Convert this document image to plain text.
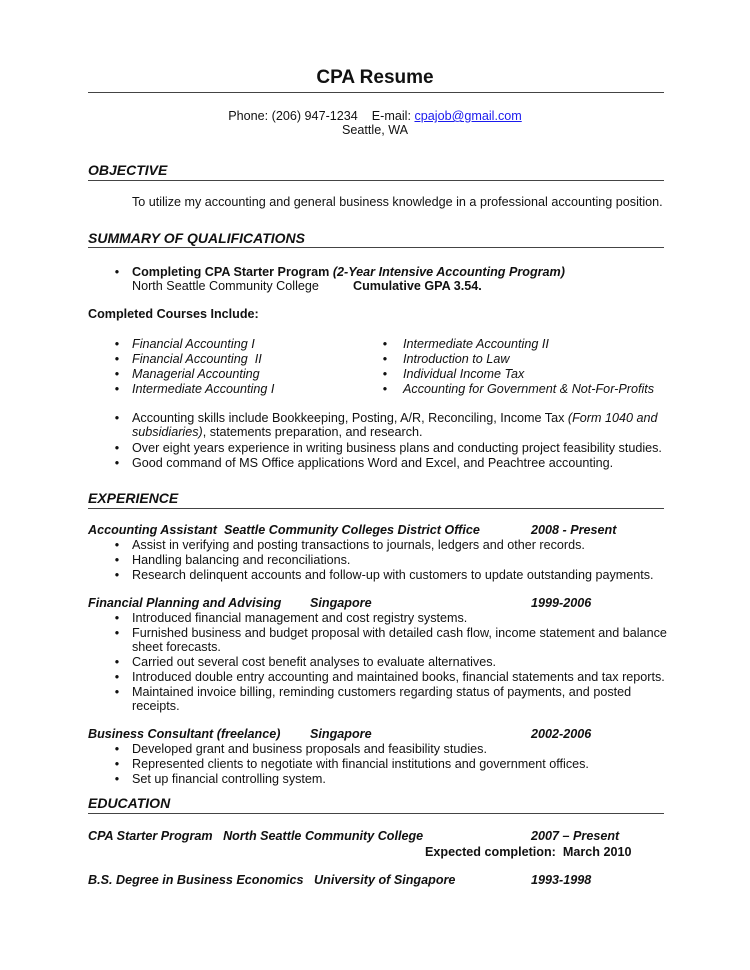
CPA Resume
Phone: (206) 947-1234 E-mail: cpajob@gmail.com
Seattle, WA
OBJECTIVE
To utilize my accounting and general business knowledge in a professional accounting position.
SUMMARY OF QUALIFICATIONS
• Completing CPA Starter Program (2-Year Intensive Accounting Program)
North Seattle Community College	Cumulative GPA 3.54.
Completed Courses Include:
• Financial Accounting I
• Financial Accounting  II
• Managerial Accounting
• Intermediate Accounting I
• Intermediate Accounting II
• Introduction to Law
• Individual Income Tax
• Accounting for Government & Not-For-Profits
• Accounting skills include Bookkeeping, Posting, A/R, Reconciling, Income Tax (Form 1040 and
subsidiaries), statements preparation, and research.
• Over eight years experience in writing business plans and conducting project feasibility studies.
• Good command of MS Office applications Word and Excel, and Peachtree accounting.
EXPERIENCE
Accounting Assistant  Seattle Community Colleges District Office	2008 - Present
• Assist in verifying and posting transactions to journals, ledgers and other records.
• Handling balancing and reconciliations.
• Research delinquent accounts and follow-up with customers to update outstanding payments.
Financial Planning and Advising Singapore	1999-2006
• Introduced financial management and cost registry systems.
• Furnished business and budget proposal with detailed cash flow, income statement and balance
sheet forecasts.
• Carried out several cost benefit analyses to evaluate alternatives.
• Introduced double entry accounting and maintained books, financial statements and tax reports.
• Maintained invoice billing, reminding customers regarding status of payments, and posted
receipts.
Business Consultant (freelance) Singapore	2002-2006
• Developed grant and business proposals and feasibility studies.
• Represented clients to negotiate with financial institutions and government offices.
• Set up financial controlling system.
EDUCATION
CPA Starter Program   North Seattle Community College	2007 – Present
Expected completion:  March 2010
B.S. Degree in Business Economics   University of Singapore	1993-1998
